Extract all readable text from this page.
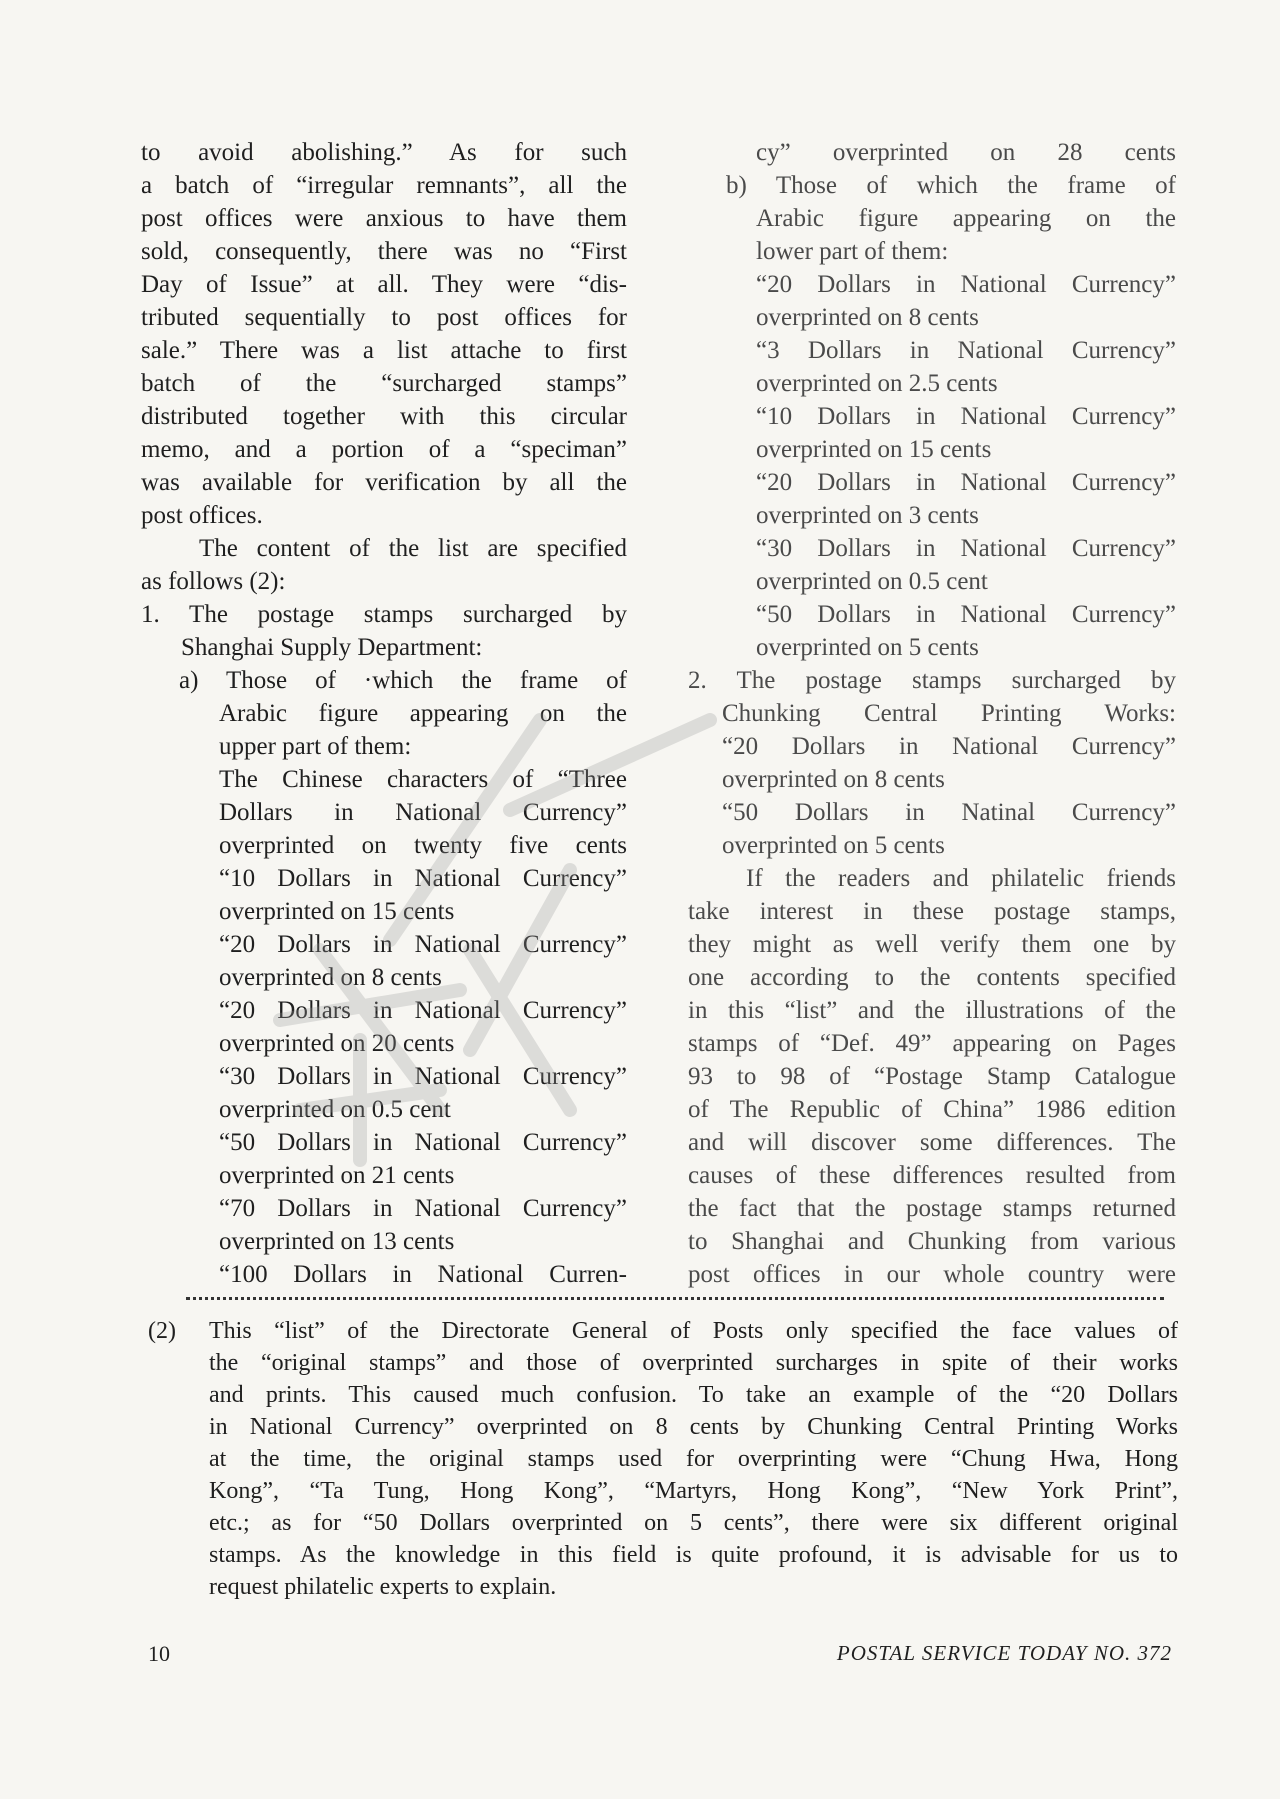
to avoid abolishing.” As for such
a batch of “irregular remnants”, all the
post offices were anxious to have them
sold, consequently, there was no “First
Day of Issue” at all. They were “dis-
tributed sequentially to post offices for
sale.” There was a list attache to first
batch of the “surcharged stamps”
distributed together with this circular
memo, and a portion of a “speciman”
was available for verification by all the
post offices.
The content of the list are specified
as follows (2):
1. The postage stamps surcharged by
Shanghai Supply Department:
a) Those of ·which the frame of
Arabic figure appearing on the
upper part of them:
The Chinese characters of “Three
Dollars in National Currency”
overprinted on twenty five cents
“10 Dollars in National Currency”
overprinted on 15 cents
“20 Dollars in National Currency”
overprinted on 8 cents
“20 Dollars in National Currency”
overprinted on 20 cents
“30 Dollars in National Currency”
overprinted on 0.5 cent
“50 Dollars in National Currency”
overprinted on 21 cents
“70 Dollars in National Currency”
overprinted on 13 cents
“100 Dollars in National Curren-
cy” overprinted on 28 cents
b) Those of which the frame of
Arabic figure appearing on the
lower part of them:
“20 Dollars in National Currency”
overprinted on 8 cents
“3 Dollars in National Currency”
overprinted on 2.5 cents
“10 Dollars in National Currency”
overprinted on 15 cents
“20 Dollars in National Currency”
overprinted on 3 cents
“30 Dollars in National Currency”
overprinted on 0.5 cent
“50 Dollars in National Currency”
overprinted on 5 cents
2. The postage stamps surcharged by
Chunking Central Printing Works:
“20 Dollars in National Currency”
overprinted on 8 cents
“50 Dollars in Natinal Currency”
overprinted on 5 cents
If the readers and philatelic friends
take interest in these postage stamps,
they might as well verify them one by
one according to the contents specified
in this “list” and the illustrations of the
stamps of “Def. 49” appearing on Pages
93 to 98 of “Postage Stamp Catalogue
of The Republic of China” 1986 edition
and will discover some differences. The
causes of these differences resulted from
the fact that the postage stamps returned
to Shanghai and Chunking from various
post offices in our whole country were
(2) This “list” of the Directorate General of Posts only specified the face values of
the “original stamps” and those of overprinted surcharges in spite of their works
and prints. This caused much confusion. To take an example of the “20 Dollars
in National Currency” overprinted on 8 cents by Chunking Central Printing Works
at the time, the original stamps used for overprinting were “Chung Hwa, Hong
Kong”, “Ta Tung, Hong Kong”, “Martyrs, Hong Kong”, “New York Print”,
etc.; as for “50 Dollars overprinted on 5 cents”, there were six different original
stamps. As the knowledge in this field is quite profound, it is advisable for us to
request philatelic experts to explain.
10	POSTAL SERVICE TODAY NO. 372
